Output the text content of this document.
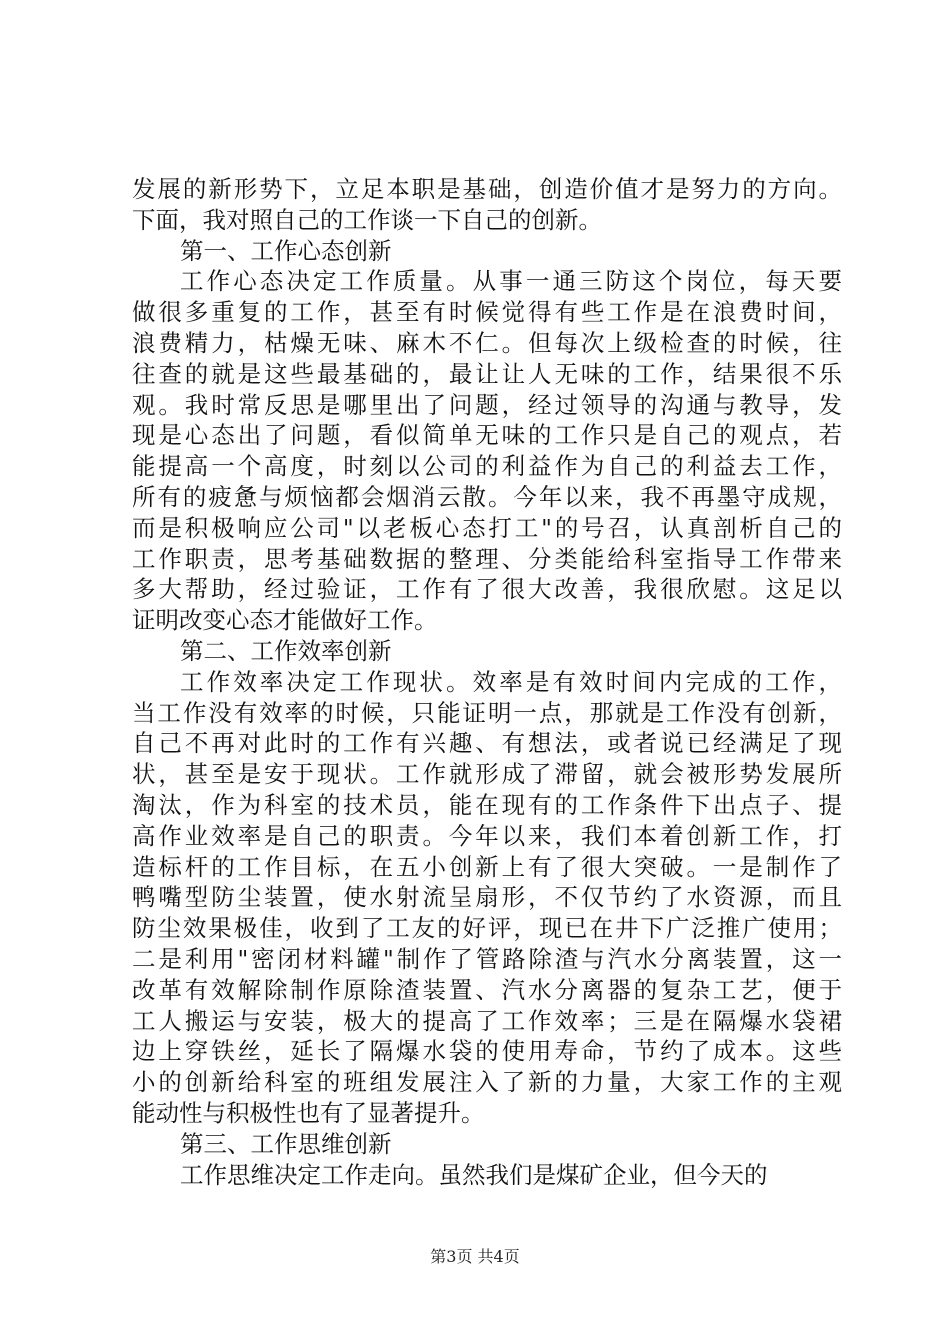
发展的新形势下，立足本职是基础，创造价值才是努力的方向。
下面，我对照自己的工作谈一下自己的创新。
第一、工作心态创新
工作心态决定工作质量。从事一通三防这个岗位，每天要
做很多重复的工作，甚至有时候觉得有些工作是在浪费时间，
浪费精力，枯燥无味、麻木不仁。但每次上级检查的时候，往
往查的就是这些最基础的，最让让人无味的工作，结果很不乐
观。我时常反思是哪里出了问题，经过领导的沟通与教导，发
现是心态出了问题，看似简单无味的工作只是自己的观点，若
能提高一个高度，时刻以公司的利益作为自己的利益去工作，
所有的疲惫与烦恼都会烟消云散。今年以来，我不再墨守成规，
而是积极响应公司"以老板心态打工"的号召，认真剖析自己的
工作职责，思考基础数据的整理、分类能给科室指导工作带来
多大帮助，经过验证，工作有了很大改善，我很欣慰。这足以
证明改变心态才能做好工作。
第二、工作效率创新
工作效率决定工作现状。效率是有效时间内完成的工作，
当工作没有效率的时候，只能证明一点，那就是工作没有创新，
自己不再对此时的工作有兴趣、有想法，或者说已经满足了现
状，甚至是安于现状。工作就形成了滞留，就会被形势发展所
淘汰，作为科室的技术员，能在现有的工作条件下出点子、提
高作业效率是自己的职责。今年以来，我们本着创新工作，打
造标杆的工作目标，在五小创新上有了很大突破。一是制作了
鸭嘴型防尘装置，使水射流呈扇形，不仅节约了水资源，而且
防尘效果极佳，收到了工友的好评，现已在井下广泛推广使用；
二是利用"密闭材料罐"制作了管路除渣与汽水分离装置，这一
改革有效解除制作原除渣装置、汽水分离器的复杂工艺，便于
工人搬运与安装，极大的提高了工作效率；三是在隔爆水袋裙
边上穿铁丝，延长了隔爆水袋的使用寿命，节约了成本。这些
小的创新给科室的班组发展注入了新的力量，大家工作的主观
能动性与积极性也有了显著提升。
第三、工作思维创新
工作思维决定工作走向。虽然我们是煤矿企业，但今天的
第3页 共4页
